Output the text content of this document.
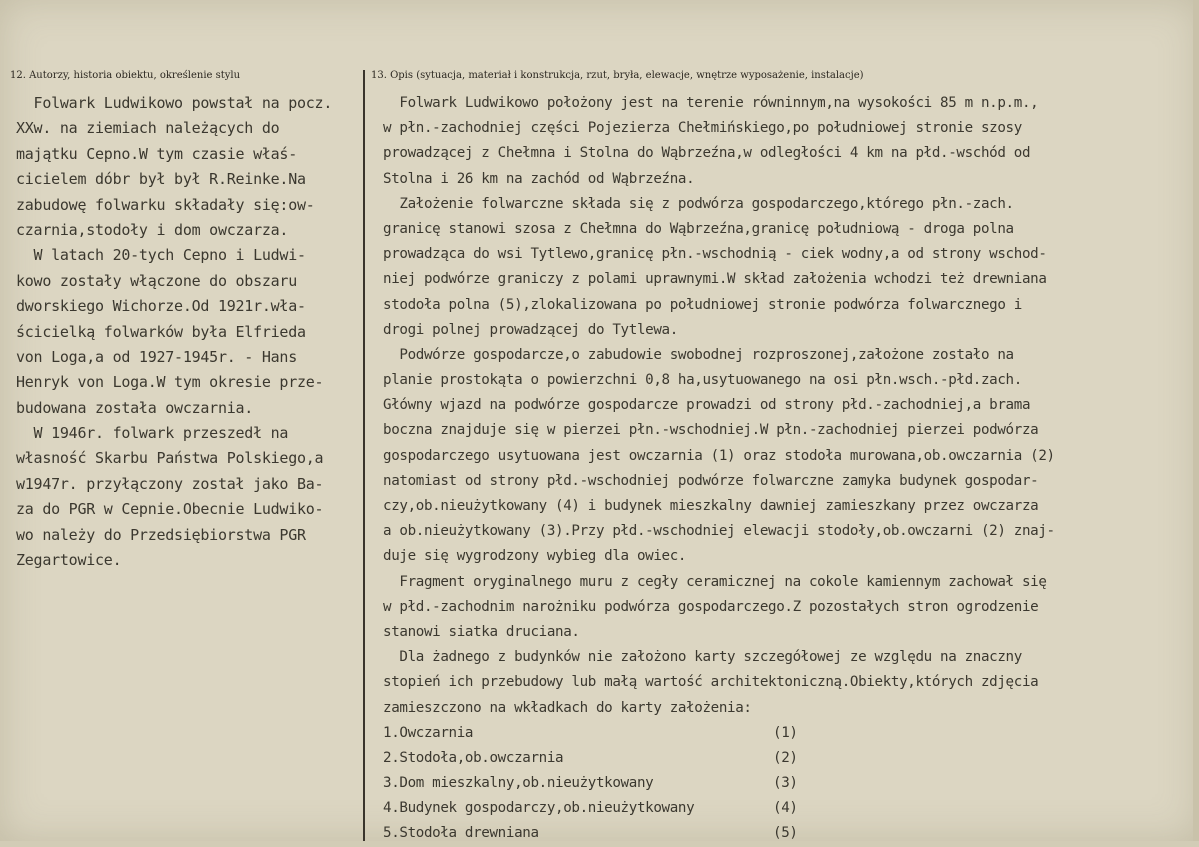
12. Autorzy, historia obiektu, określenie stylu	13. Opis (sytuacja, materiał i konstrukcja, rzut, bryła, elewacje, wnętrze wyposażenie, instalacje)
Folwark Ludwikowo powstał na pocz.
XXw. na ziemiach należących do
majątku Cepno.W tym czasie właś-
cicielem dóbr był był R.Reinke.Na
zabudowę folwarku składały się:ow-
czarnia,stodoły i dom owczarza.
W latach 20-tych Cepno i Ludwi-
kowo zostały włączone do obszaru
dworskiego Wichorze.Od 1921r.wła-
ścicielką folwarków była Elfrieda
von Loga,a od 1927-1945r. - Hans
Henryk von Loga.W tym okresie prze-
budowana została owczarnia.
W 1946r. folwark przeszedł na
własność Skarbu Państwa Polskiego,a
w1947r. przyłączony został jako Ba-
za do PGR w Cepnie.Obecnie Ludwiko-
wo należy do Przedsiębiorstwa PGR
Zegartowice.
Folwark Ludwikowo położony jest na terenie równinnym,na wysokości 85 m n.p.m.,
w płn.-zachodniej części Pojezierza Chełmińskiego,po południowej stronie szosy
prowadzącej z Chełmna i Stolna do Wąbrzeźna,w odległości 4 km na płd.-wschód od
Stolna i 26 km na zachód od Wąbrzeźna.
Założenie folwarczne składa się z podwórza gospodarczego,którego płn.-zach.
granicę stanowi szosa z Chełmna do Wąbrzeźna,granicę południową - droga polna
prowadząca do wsi Tytlewo,granicę płn.-wschodnią - ciek wodny,a od strony wschod-
niej podwórze graniczy z polami uprawnymi.W skład założenia wchodzi też drewniana
stodoła polna (5),zlokalizowana po południowej stronie podwórza folwarcznego i
drogi polnej prowadzącej do Tytlewa.
Podwórze gospodarcze,o zabudowie swobodnej rozproszonej,założone zostało na
planie prostokąta o powierzchni 0,8 ha,usytuowanego na osi płn.wsch.-płd.zach.
Główny wjazd na podwórze gospodarcze prowadzi od strony płd.-zachodniej,a brama
boczna znajduje się w pierzei płn.-wschodniej.W płn.-zachodniej pierzei podwórza
gospodarczego usytuowana jest owczarnia (1) oraz stodoła murowana,ob.owczarnia (2)
natomiast od strony płd.-wschodniej podwórze folwarczne zamyka budynek gospodar-
czy,ob.nieużytkowany (4) i budynek mieszkalny dawniej zamieszkany przez owczarza
a ob.nieużytkowany (3).Przy płd.-wschodniej elewacji stodoły,ob.owczarni (2) znaj-
duje się wygrodzony wybieg dla owiec.
Fragment oryginalnego muru z cegły ceramicznej na cokole kamiennym zachował się
w płd.-zachodnim narożniku podwórza gospodarczego.Z pozostałych stron ogrodzenie
stanowi siatka druciana.
Dla żadnego z budynków nie założono karty szczegółowej ze względu na znaczny
stopień ich przebudowy lub małą wartość architektoniczną.Obiekty,których zdjęcia
zamieszczono na wkładkach do karty założenia:
1.Owczarnia	(1)
2.Stodoła,ob.owczarnia	(2)
3.Dom mieszkalny,ob.nieużytkowany	(3)
4.Budynek gospodarczy,ob.nieużytkowany	(4)
5.Stodoła drewniana	(5)
